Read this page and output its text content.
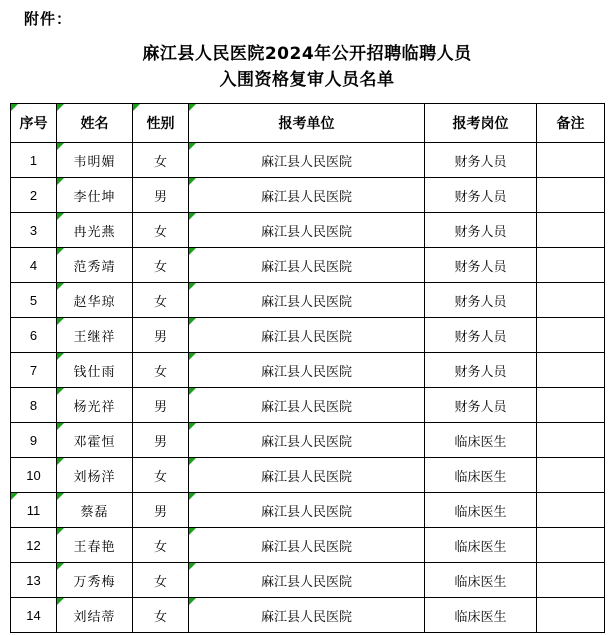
附件：
麻江县人民医院2024年公开招聘临聘人员
入围资格复审人员名单
序号	姓名	性别	报考单位	报考岗位	备注
1	韦明媚	女	麻江县人民医院	财务人员	
2	李仕坤	男	麻江县人民医院	财务人员	
3	冉光燕	女	麻江县人民医院	财务人员	
4	范秀靖	女	麻江县人民医院	财务人员	
5	赵华琼	女	麻江县人民医院	财务人员	
6	王继祥	男	麻江县人民医院	财务人员	
7	钱仕雨	女	麻江县人民医院	财务人员	
8	杨光祥	男	麻江县人民医院	财务人员	
9	邓霍恒	男	麻江县人民医院	临床医生	
10	刘杨洋	女	麻江县人民医院	临床医生	
11	蔡磊	男	麻江县人民医院	临床医生	
12	王春艳	女	麻江县人民医院	临床医生	
13	万秀梅	女	麻江县人民医院	临床医生	
14	刘结蒂	女	麻江县人民医院	临床医生	
